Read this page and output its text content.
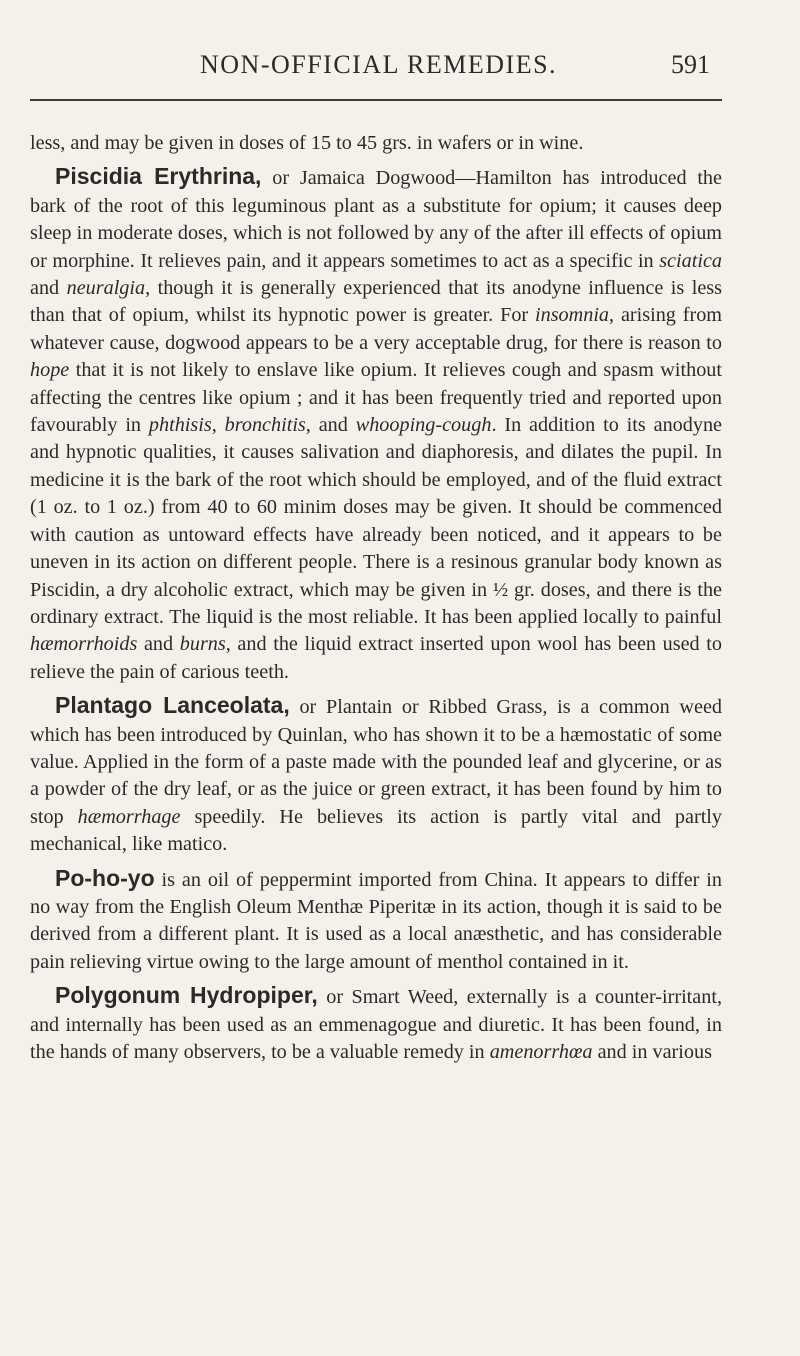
NON-OFFICIAL REMEDIES.	591

less, and may be given in doses of 15 to 45 grs. in wafers or in wine.

Piscidia Erythrina, or Jamaica Dogwood—Hamilton has introduced the bark of the root of this leguminous plant as a substitute for opium; it causes deep sleep in moderate doses, which is not followed by any of the after ill effects of opium or morphine. It relieves pain, and it appears sometimes to act as a specific in sciatica and neuralgia, though it is generally experienced that its anodyne influence is less than that of opium, whilst its hypnotic power is greater. For insomnia, arising from whatever cause, dogwood appears to be a very acceptable drug, for there is reason to hope that it is not likely to enslave like opium. It relieves cough and spasm without affecting the centres like opium ; and it has been frequently tried and reported upon favourably in phthisis, bronchitis, and whooping-cough. In addition to its anodyne and hypnotic qualities, it causes salivation and diaphoresis, and dilates the pupil. In medicine it is the bark of the root which should be employed, and of the fluid extract (1 oz. to 1 oz.) from 40 to 60 minim doses may be given. It should be commenced with caution as untoward effects have already been noticed, and it appears to be uneven in its action on different people. There is a resinous granular body known as Piscidin, a dry alcoholic extract, which may be given in ½ gr. doses, and there is the ordinary extract. The liquid is the most reliable. It has been applied locally to painful hæmorrhoids and burns, and the liquid extract inserted upon wool has been used to relieve the pain of carious teeth.

Plantago Lanceolata, or Plantain or Ribbed Grass, is a common weed which has been introduced by Quinlan, who has shown it to be a hæmostatic of some value. Applied in the form of a paste made with the pounded leaf and glycerine, or as a powder of the dry leaf, or as the juice or green extract, it has been found by him to stop hæmorrhage speedily. He believes its action is partly vital and partly mechanical, like matico.

Po-ho-yo is an oil of peppermint imported from China. It appears to differ in no way from the English Oleum Menthæ Piperitæ in its action, though it is said to be derived from a different plant. It is used as a local anæsthetic, and has considerable pain relieving virtue owing to the large amount of menthol contained in it.

Polygonum Hydropiper, or Smart Weed, externally is a counter-irritant, and internally has been used as an emmenagogue and diuretic. It has been found, in the hands of many observers, to be a valuable remedy in amenorrhœa and in various
